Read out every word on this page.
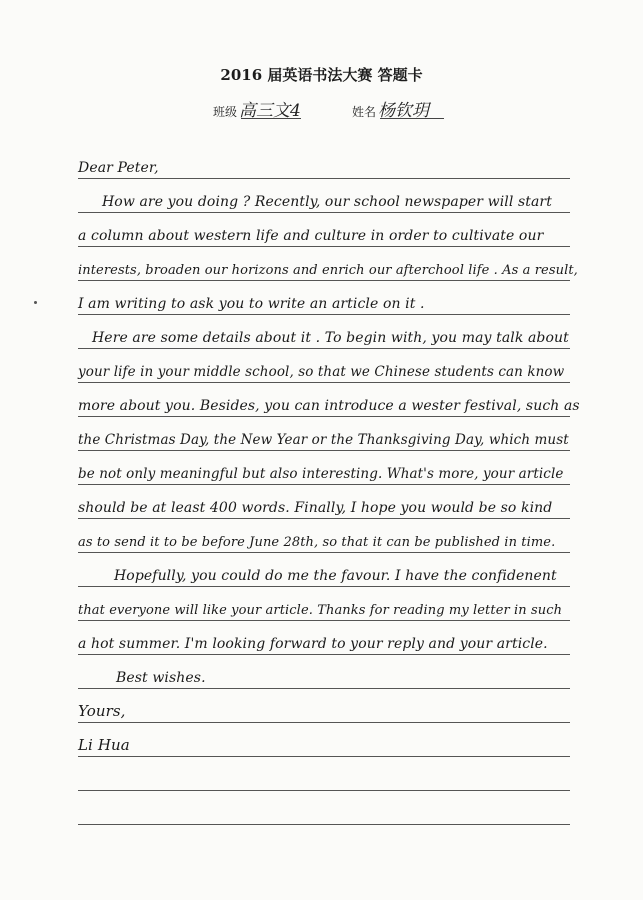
2016 届英语书法大赛 答题卡
班级 高三文4	姓名 杨钦玥
Dear Peter,
How are you doing ? Recently, our school newspaper will start
a column about western life and culture in order to cultivate our
interests, broaden our horizons and enrich our afterchool life . As a result,
I am writing to ask you to write an article on it .
Here are some details about it . To begin with, you may talk about
your life in your middle school, so that we Chinese students can know
more about you. Besides, you can introduce a wester festival, such as
the Christmas Day, the New Year or the Thanksgiving Day, which must
be not only meaningful but also interesting. What's more, your article
should be at least 400 words. Finally, I hope you would be so kind
as to send it to be before June 28th, so that it can be published in time.
Hopefully, you could do me the favour. I have the confidenent
that everyone will like your article. Thanks for reading my letter in such
a hot summer. I'm looking forward to your reply and your article.
Best wishes.
Yours,
Li Hua
